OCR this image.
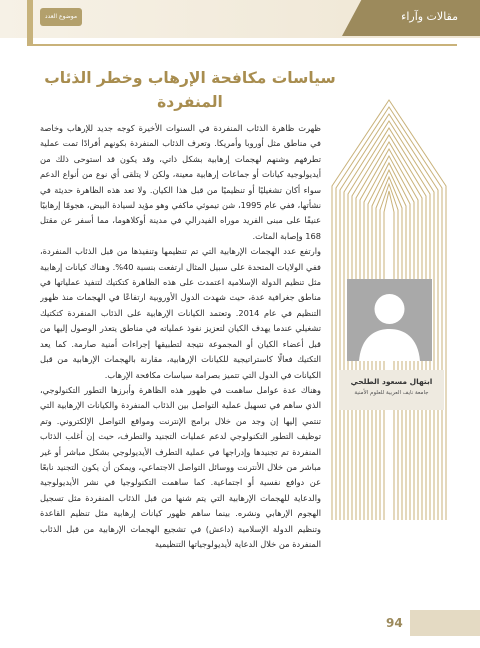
موضوع العدد	مقالات وآراء
سياسات مكافحة الإرهاب وخطر الذئاب المنفردة

ظهرت ظاهرة الذئاب المنفردة في السنوات الأخيرة كوجه جديد للإرهاب وخاصة في مناطق مثل أوروبا وأمريكا. وتعرف الذئاب المنفردة بكونهم أفرادًا تمت عملية تطرفهم وشنهم لهجمات إرهابية بشكل ذاتي، وقد يكون قد استوحى ذلك من أيديولوجية كيانات أو جماعات إرهابية معينة، ولكن لا يتلقى أي نوع من أنواع الدعم سواء أكان تشغيليًا أو تنظيميًا من قبل هذا الكيان. ولا تعد هذه الظاهرة حديثة في نشأتها، ففي عام 1995، شن تيموثي ماكفي وهو مؤيد لسيادة البيض، هجومًا إرهابيًا عنيفًا على مبنى الفريد موراه الفيدرالي في مدينة أوكلاهوما، مما أسفر عن مقتل 168 وإصابة المئات.

وارتفع عدد الهجمات الإرهابية التي تم تنظيمها وتنفيذها من قبل الذئاب المنفردة، ففي الولايات المتحدة على سبيل المثال ارتفعت بنسبة 40%. وهناك كيانات إرهابية مثل تنظيم الدولة الإسلامية اعتمدت على هذه الظاهرة كتكتيك لتنفيذ عملياتها في مناطق جغرافية عدة، حيث شهدت الدول الأوروبية ارتفاعًا في الهجمات منذ ظهور التنظيم في عام 2014. وتعتمد الكيانات الإرهابية على الذئاب المنفردة كتكتيك تشغيلي عندما يهدف الكيان لتعزيز نفوذ عملياته في مناطق يتعذر الوصول إليها من قبل أعضاء الكيان أو المجموعة نتيجة لتطبيقها إجراءات أمنية صارمة. كما يعد التكتيك فعالًا كاستراتيجية للكيانات الإرهابية، مقارنة بالهجمات الإرهابية من قبل الكيانات في الدول التي تتميز بصرامة سياسات مكافحة الإرهاب.

وهناك عدة عوامل ساهمت في ظهور هذه الظاهرة وأبرزها التطور التكنولوجي، الذي ساهم في تسهيل عملية التواصل بين الذئاب المنفردة والكيانات الإرهابية التي تنتمي إليها إن وجد من خلال برامج الإنترنت ومواقع التواصل الإلكتروني. وتم توظيف التطور التكنولوجي لدعم عمليات التجنيد والتطرف، حيث إن أغلب الذئاب المنفردة تم تجنيدها وإدراجها في عملية التطرف الأيديولوجي بشكل مباشر أو غير مباشر من خلال الأنترنت ووسائل التواصل الاجتماعي، ويمكن أن يكون التجنيد نابعًا عن دوافع نفسية أو اجتماعية. كما ساهمت التكنولوجيا في نشر الأيديولوجية والدعاية للهجمات الإرهابية التي يتم شنها من قبل الذئاب المنفردة مثل تسجيل الهجوم الإرهابي ونشره. بينما ساهم ظهور كيانات إرهابية مثل تنظيم القاعدة وتنظيم الدولة الإسلامية (داعش) في تشجيع الهجمات الإرهابية من قبل الذئاب المنفردة من خلال الدعاية لأيديولوجياتها التنظيمية

ابتهال مسعود الطلحي
جامعة نايف العربية للعلوم الأمنية
94
